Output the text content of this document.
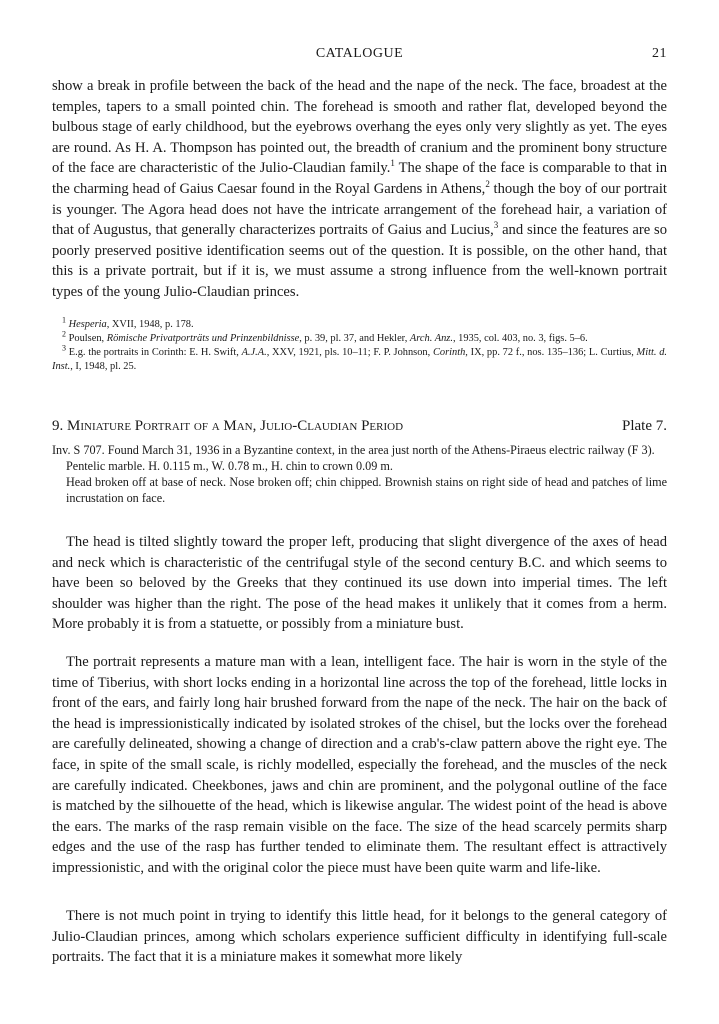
CATALOGUE	21

show a break in profile between the back of the head and the nape of the neck. The face, broadest at the temples, tapers to a small pointed chin. The forehead is smooth and rather flat, developed beyond the bulbous stage of early childhood, but the eyebrows overhang the eyes only very slightly as yet. The eyes are round. As H. A. Thompson has pointed out, the breadth of cranium and the prominent bony structure of the face are characteristic of the Julio-Claudian family.$^1$ The shape of the face is comparable to that in the charming head of Gaius Caesar found in the Royal Gardens in Athens,$^2$ though the boy of our portrait is younger. The Agora head does not have the intricate arrangement of the forehead hair, a variation of that of Augustus, that generally characterizes portraits of Gaius and Lucius,$^3$ and since the features are so poorly preserved positive identification seems out of the question. It is possible, on the other hand, that this is a private portrait, but if it is, we must assume a strong influence from the well-known portrait types of the young Julio-Claudian princes.

$^1$ Hesperia, XVII, 1948, p. 178.
$^2$ Poulsen, Römische Privatporträts und Prinzenbildnisse, p. 39, pl. 37, and Hekler, Arch. Anz., 1935, col. 403, no. 3, figs. 5–6.
$^3$ E.g. the portraits in Corinth: E. H. Swift, A.J.A., XXV, 1921, pls. 10–11; F. P. Johnson, Corinth, IX, pp. 72 f., nos. 135–136; L. Curtius, Mitt. d. Inst., I, 1948, pl. 25.
9. Miniature Portrait of a Man, Julio-Claudian Period	Plate 7.

Inv. S 707. Found March 31, 1936 in a Byzantine context, in the area just north of the Athens-Piraeus electric railway (F 3).

Pentelic marble. H. 0.115 m., W. 0.78 m., H. chin to crown 0.09 m.

Head broken off at base of neck. Nose broken off; chin chipped. Brownish stains on right side of head and patches of lime incrustation on face.

The head is tilted slightly toward the proper left, producing that slight divergence of the axes of head and neck which is characteristic of the centrifugal style of the second century B.C. and which seems to have been so beloved by the Greeks that they continued its use down into imperial times. The left shoulder was higher than the right. The pose of the head makes it unlikely that it comes from a herm. More probably it is from a statuette, or possibly from a miniature bust.

The portrait represents a mature man with a lean, intelligent face. The hair is worn in the style of the time of Tiberius, with short locks ending in a horizontal line across the top of the forehead, little locks in front of the ears, and fairly long hair brushed forward from the nape of the neck. The hair on the back of the head is impressionistically indicated by isolated strokes of the chisel, but the locks over the forehead are carefully delineated, showing a change of direction and a crab's-claw pattern above the right eye. The face, in spite of the small scale, is richly modelled, especially the forehead, and the muscles of the neck are carefully indicated. Cheekbones, jaws and chin are prominent, and the polygonal outline of the face is matched by the silhouette of the head, which is likewise angular. The widest point of the head is above the ears. The marks of the rasp remain visible on the face. The size of the head scarcely permits sharp edges and the use of the rasp has further tended to eliminate them. The resultant effect is attractively impressionistic, and with the original color the piece must have been quite warm and life-like.

There is not much point in trying to identify this little head, for it belongs to the general category of Julio-Claudian princes, among which scholars experience sufficient difficulty in identifying full-scale portraits. The fact that it is a miniature makes it somewhat more likely
